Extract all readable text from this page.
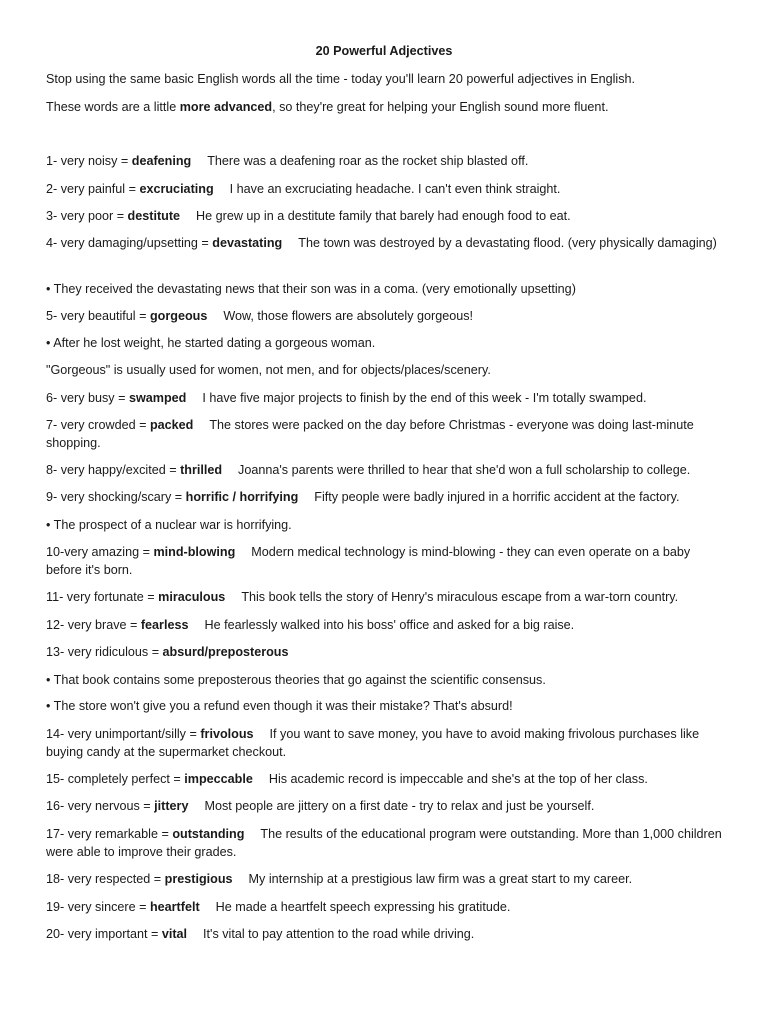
20 Powerful Adjectives

Stop using the same basic English words all the time - today you'll learn 20 powerful adjectives in English.

These words are a little more advanced, so they're great for helping your English sound more fluent.

1- very noisy = deafening There was a deafening roar as the rocket ship blasted off.

2- very painful = excruciating I have an excruciating headache. I can't even think straight.

3- very poor = destitute He grew up in a destitute family that barely had enough food to eat.

4- very damaging/upsetting = devastating The town was destroyed by a devastating flood. (very physically damaging)

• They received the devastating news that their son was in a coma. (very emotionally upsetting)

5- very beautiful = gorgeous Wow, those flowers are absolutely gorgeous!

• After he lost weight, he started dating a gorgeous woman.

"Gorgeous" is usually used for women, not men, and for objects/places/scenery.

6- very busy = swamped I have five major projects to finish by the end of this week - I'm totally swamped.

7- very crowded = packed The stores were packed on the day before Christmas - everyone was doing last-minute shopping.

8- very happy/excited = thrilled Joanna's parents were thrilled to hear that she'd won a full scholarship to college.

9- very shocking/scary = horrific / horrifying Fifty people were badly injured in a horrific accident at the factory.

• The prospect of a nuclear war is horrifying.

10-very amazing = mind-blowing Modern medical technology is mind-blowing - they can even operate on a baby before it's born.

11- very fortunate = miraculous This book tells the story of Henry's miraculous escape from a war-torn country.

12- very brave = fearless He fearlessly walked into his boss' office and asked for a big raise.

13- very ridiculous = absurd/preposterous

• That book contains some preposterous theories that go against the scientific consensus.

• The store won't give you a refund even though it was their mistake? That's absurd!

14- very unimportant/silly = frivolous If you want to save money, you have to avoid making frivolous purchases like buying candy at the supermarket checkout.

15- completely perfect = impeccable His academic record is impeccable and she's at the top of her class.

16- very nervous = jittery Most people are jittery on a first date - try to relax and just be yourself.

17- very remarkable = outstanding The results of the educational program were outstanding. More than 1,000 children were able to improve their grades.

18- very respected = prestigious My internship at a prestigious law firm was a great start to my career.

19- very sincere = heartfelt He made a heartfelt speech expressing his gratitude.

20- very important = vital It's vital to pay attention to the road while driving.
